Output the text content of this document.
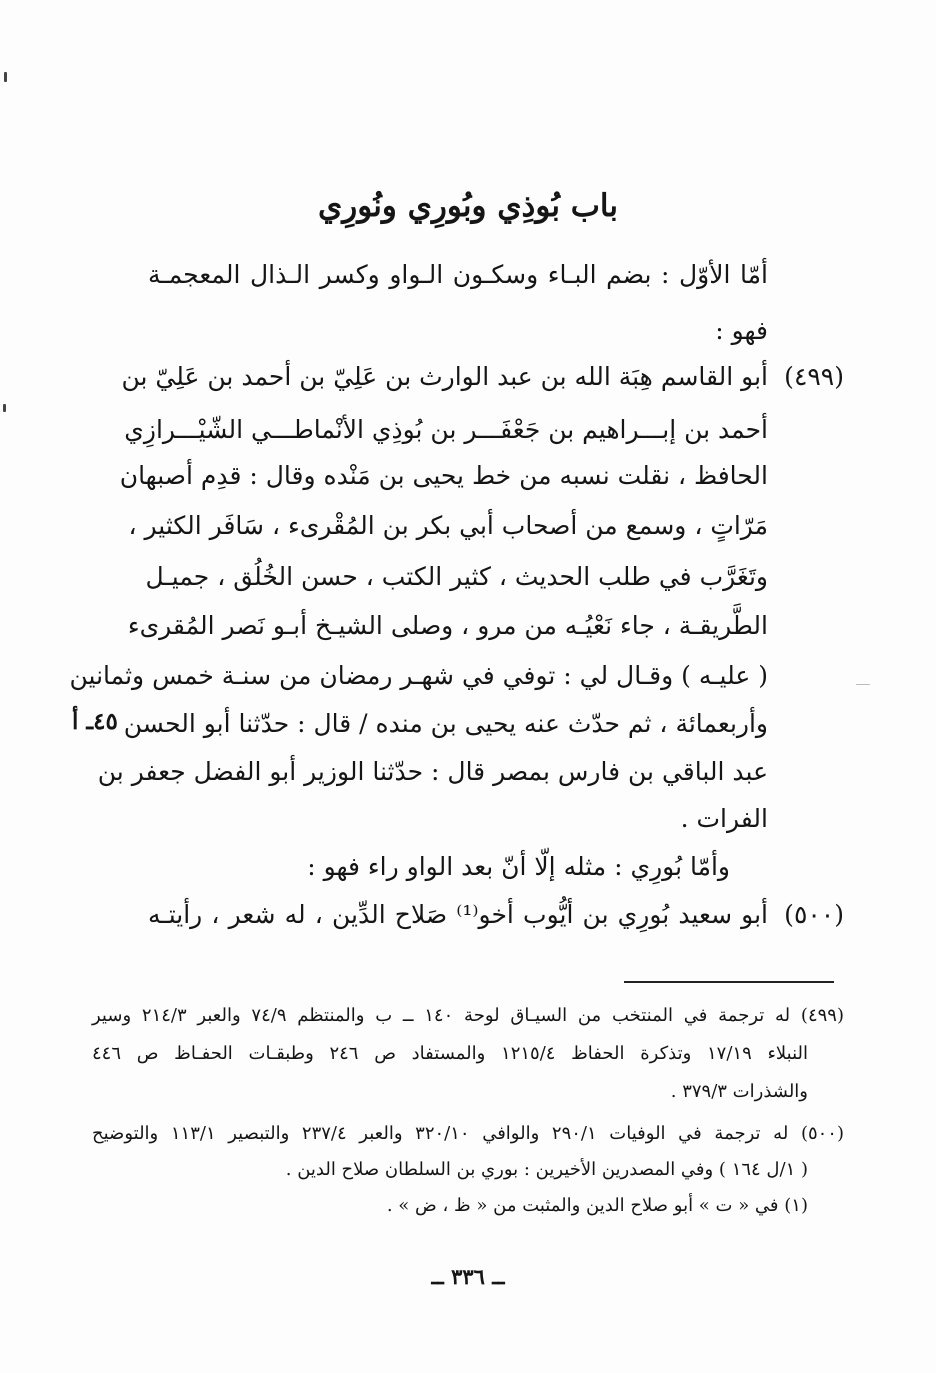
باب بُوذِي وبُورِي ونُورِي
أمّا الأوّل : بضم البـاء وسكـون الـواو وكسر الـذال المعجمـة
فهو :
(٤٩٩)
أبو القاسم هِبَة الله بن عبد الوارث بن عَلِيّ بن أحمد بن عَلِيّ بن
أحمد بن إبـــراهيم بن جَعْفَـــر بن بُوذِي الأنْماطـــي الشّيْـــرازِي
الحافظ ، نقلت نسبه من خط يحيى بن مَنْده وقال : قدِم أصبهان
مَرّاتٍ ، وسمع من أصحاب أبي بكر بن المُقْرىء ، سَافَر الكثير ،
وتَغَرَّب في طلب الحديث ، كثير الكتب ، حسن الخُلُق ، جميـل
الطَّريقـة ، جاء نَعْيُـه من مرو ، وصلى الشيـخ أبـو نَصر المُقرىء
( عليـه ) وقـال لي : توفي في شهـر رمضان من سنـة خمس وثمانين
وأربعمائة ، ثم حدّث عنه يحيى بن منده / قال : حدّثنا أبو الحسن
٤٥ـ أ
عبد الباقي بن فارس بمصر قال : حدّثنا الوزير أبو الفضل جعفر بن
الفرات .
وأمّا بُورِي : مثله إلّا أنّ بعد الواو راء فهو :
(٥٠٠)
أبو سعيد بُورِي بن أيُّوب أخو⁽¹⁾ صَلاح الدِّين ، له شعر ، رأيتـه
(٤٩٩) له ترجمة في المنتخب من السيـاق لوحة ١٤٠ ــ ب والمنتظم ٧٤/٩ والعبر ٢١٤/٣ وسير
النبلاء ١٧/١٩ وتذكرة الحفاظ ١٢١٥/٤ والمستفاد ص ٢٤٦ وطبقـات الحفـاظ ص ٤٤٦
والشذرات ٣٧٩/٣ .
(٥٠٠) له ترجمة في الوفيات ٢٩٠/١ والوافي ٣٢٠/١٠ والعبر ٢٣٧/٤ والتبصير ١١٣/١ والتوضيح
( ١/ل ١٦٤ ) وفي المصدرين الأخيرين : بوري بن السلطان صلاح الدين .
(١) في « ت » أبو صلاح الدين والمثبت من « ظ ، ض » .
ــ ٣٣٦ ــ
